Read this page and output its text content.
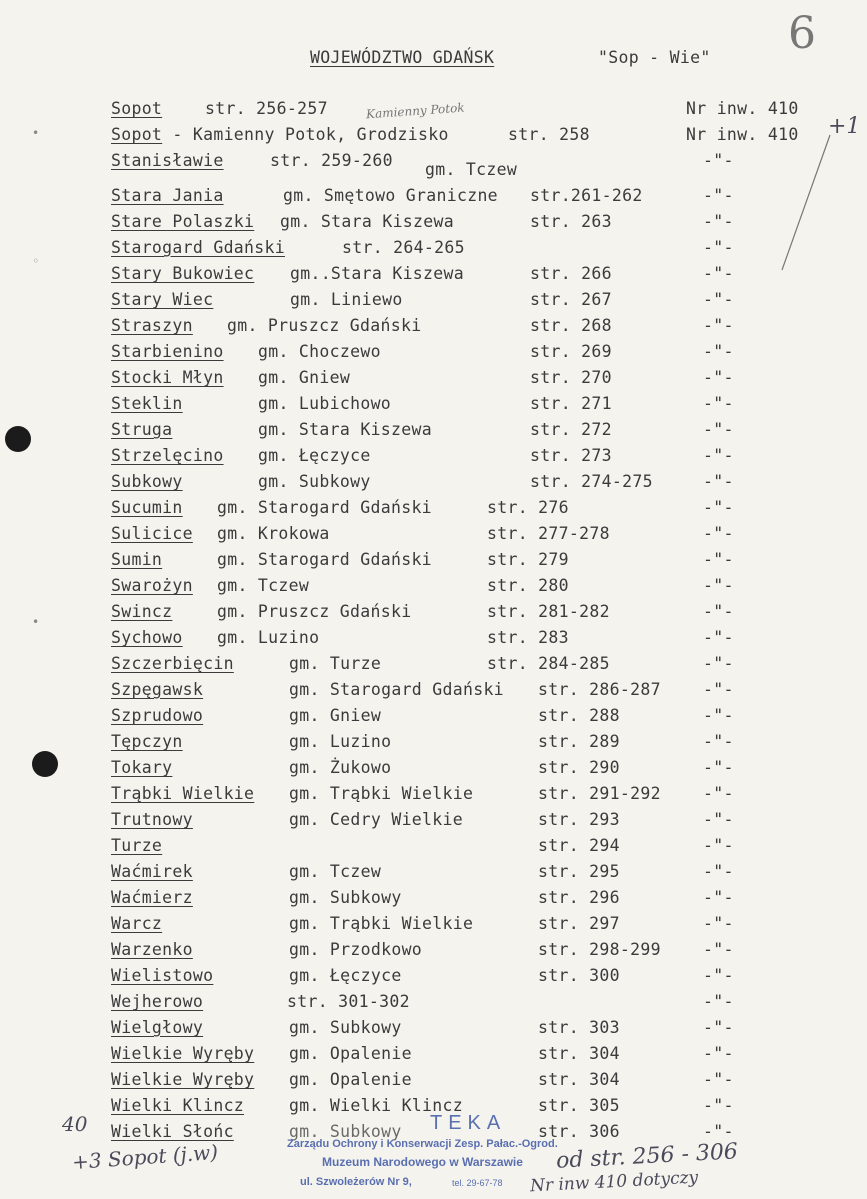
WOJEWÓDZTWO GDAŃSK	"Sop - Wie" 6
Sopot	str. 256-257	Nr inw. 410
Kamienny Potok
Sopot - Kamienny Potok, Grodzisko	str. 258	Nr inw. 410 +1
Stanisławie	str. 259-260 gm. Tczew	-"-
Stara Jania	gm. Smętowo Graniczne str.261-262	-"-
Stare Polaszki gm. Stara Kiszewa	str. 263	-"-
Starogard Gdański	str. 264-265	-"-
Stary Bukowiec gm..Stara Kiszewa	str. 266	-"-
Stary Wiec	gm. Liniewo	str. 267	-"-
Straszyn gm. Pruszcz Gdański	str. 268	-"-
Starbienino gm. Choczewo	str. 269	-"-
Stocki Młyn gm. Gniew	str. 270	-"-
Steklin	gm. Lubichowo	str. 271	-"-
Struga	gm. Stara Kiszewa	str. 272	-"-
Strzelęcino gm. Łęczyce	str. 273	-"-
Subkowy	gm. Subkowy	str. 274-275	-"-
Sucumin gm. Starogard Gdański	str. 276	-"-
Sulicice gm. Krokowa	str. 277-278	-"-
Sumin	gm. Starogard Gdański	str. 279	-"-
Swarożyn gm. Tczew	str. 280	-"-
Swincz	gm. Pruszcz Gdański	str. 281-282	-"-
Sychowo gm. Luzino	str. 283	-"-
Szczerbięcin	gm. Turze	str. 284-285	-"-
Szpęgawsk	gm. Starogard Gdański str. 286-287	-"-
Szprudowo	gm. Gniew	str. 288	-"-
Tępczyn	gm. Luzino	str. 289	-"-
Tokary	gm. Żukowo	str. 290	-"-
Trąbki Wielkie gm. Trąbki Wielkie	str. 291-292	-"-
Trutnowy	gm. Cedry Wielkie	str. 293	-"-
Turze	str. 294	-"-
Waćmirek	gm. Tczew	str. 295	-"-
Waćmierz	gm. Subkowy	str. 296	-"-
Warcz	gm. Trąbki Wielkie	str. 297	-"-
Warzenko	gm. Przodkowo	str. 298-299	-"-
Wielistowo	gm. Łęczyce	str. 300	-"-
Wejherowo	str. 301-302	-"-
Wielgłowy	gm. Subkowy	str. 303	-"-
Wielkie Wyręby gm. Opalenie	str. 304	-"-
Wielkie Wyręby gm. Opalenie	str. 304	-"-
Wielki Klincz	gm. Wielki Klincz	str. 305	-"-
Wielki Słońc	gm. Subkowy	str. 306	-"-
•
◦
•
40
+3 Sopot (j.w)
TEKA
Zarządu Ochrony i Konserwacji Zesp. Pałac.-Ogrod.
Muzeum Narodowego w Warszawie
ul. Szwoleżerów Nr 9,	tel. 29-67-78
od str. 256 - 306
Nr inw 410 dotyczy
